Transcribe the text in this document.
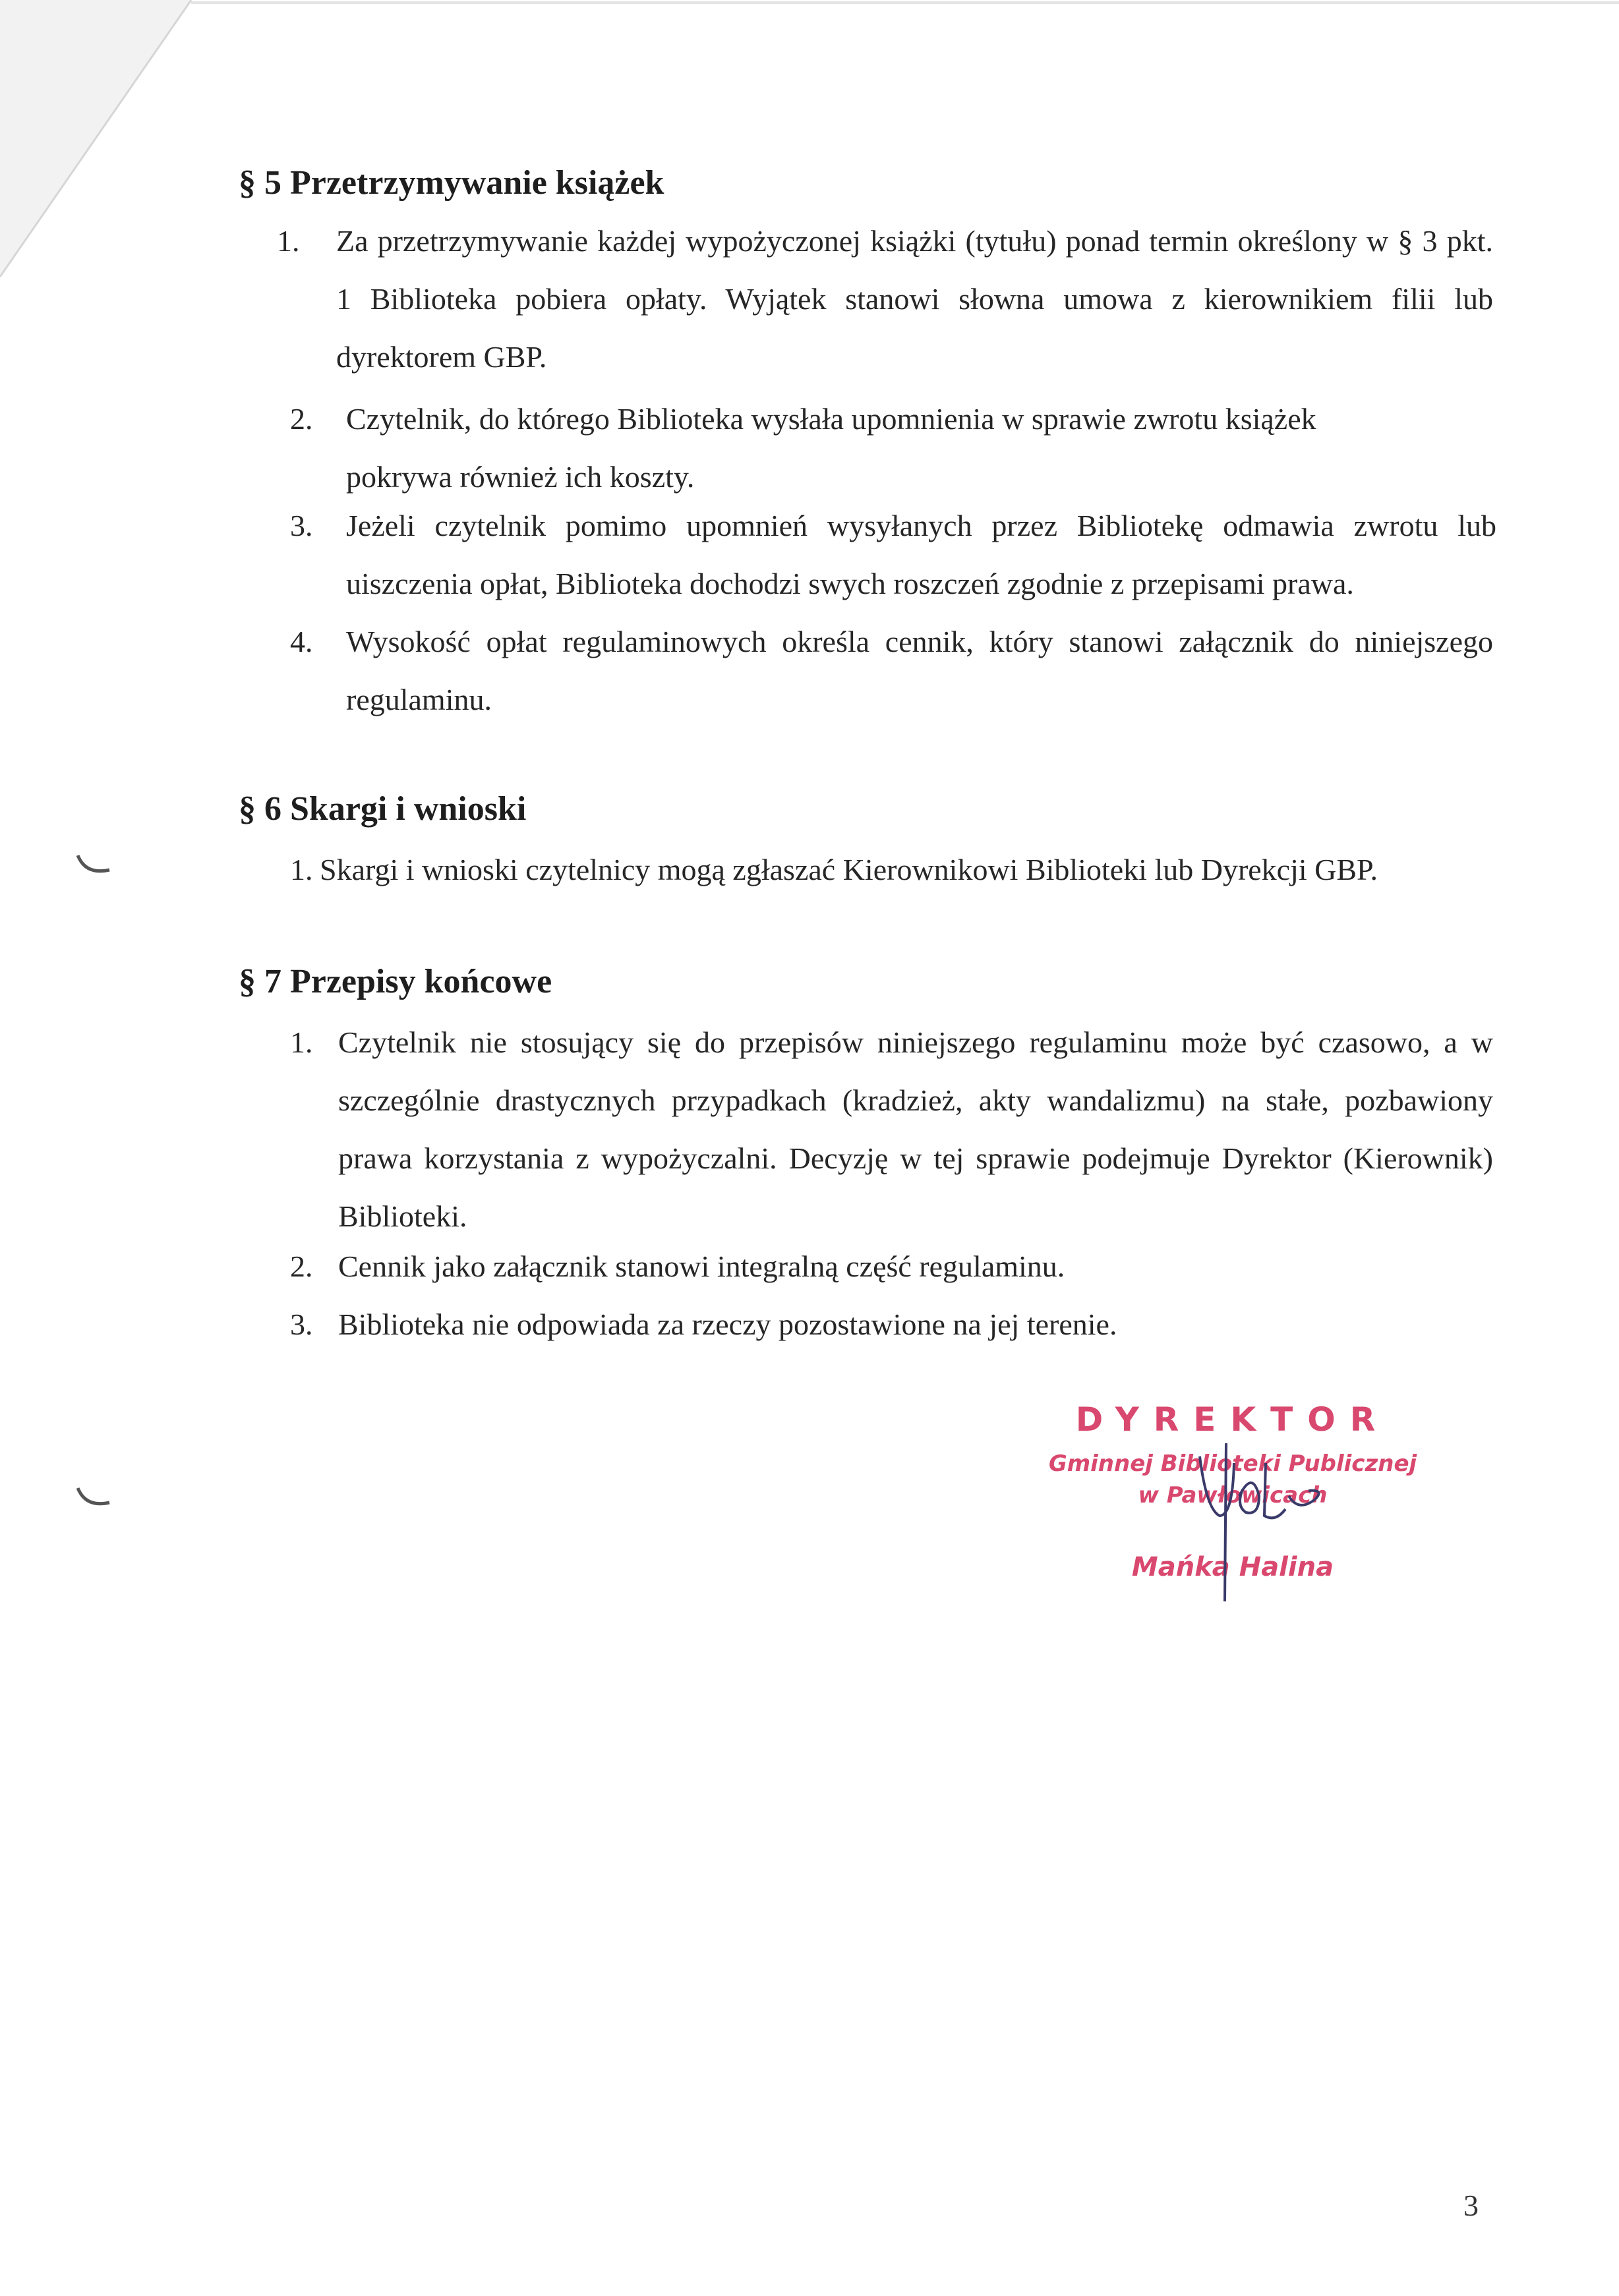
§ 5 Przetrzymywanie książek
1. Za przetrzymywanie każdej wypożyczonej książki (tytułu) ponad termin określony w § 3 pkt. 1 Biblioteka pobiera opłaty. Wyjątek stanowi słowna umowa z kierownikiem filii lub dyrektorem GBP.
2. Czytelnik, do którego Biblioteka wysłała upomnienia w sprawie zwrotu książek pokrywa również ich koszty.
3. Jeżeli czytelnik pomimo upomnień wysyłanych przez Bibliotekę odmawia zwrotu lub uiszczenia opłat, Biblioteka dochodzi swych roszczeń zgodnie z przepisami prawa.
4. Wysokość opłat regulaminowych określa cennik, który stanowi załącznik do niniejszego regulaminu.
§ 6 Skargi i wnioski
1. Skargi i wnioski czytelnicy mogą zgłaszać Kierownikowi Biblioteki lub Dyrekcji GBP.
§ 7 Przepisy końcowe
1. Czytelnik nie stosujący się do przepisów niniejszego regulaminu może być czasowo, a w szczególnie drastycznych przypadkach (kradzież, akty wandalizmu) na stałe, pozbawiony prawa korzystania z wypożyczalni. Decyzję w tej sprawie podejmuje Dyrektor (Kierownik) Biblioteki.
2. Cennik jako załącznik stanowi integralną część regulaminu.
3. Biblioteka nie odpowiada za rzeczy pozostawione na jej terenie.
DYREKTOR
Gminnej Biblioteki Publicznej
w Pawłowicach
Mańka Halina
3
